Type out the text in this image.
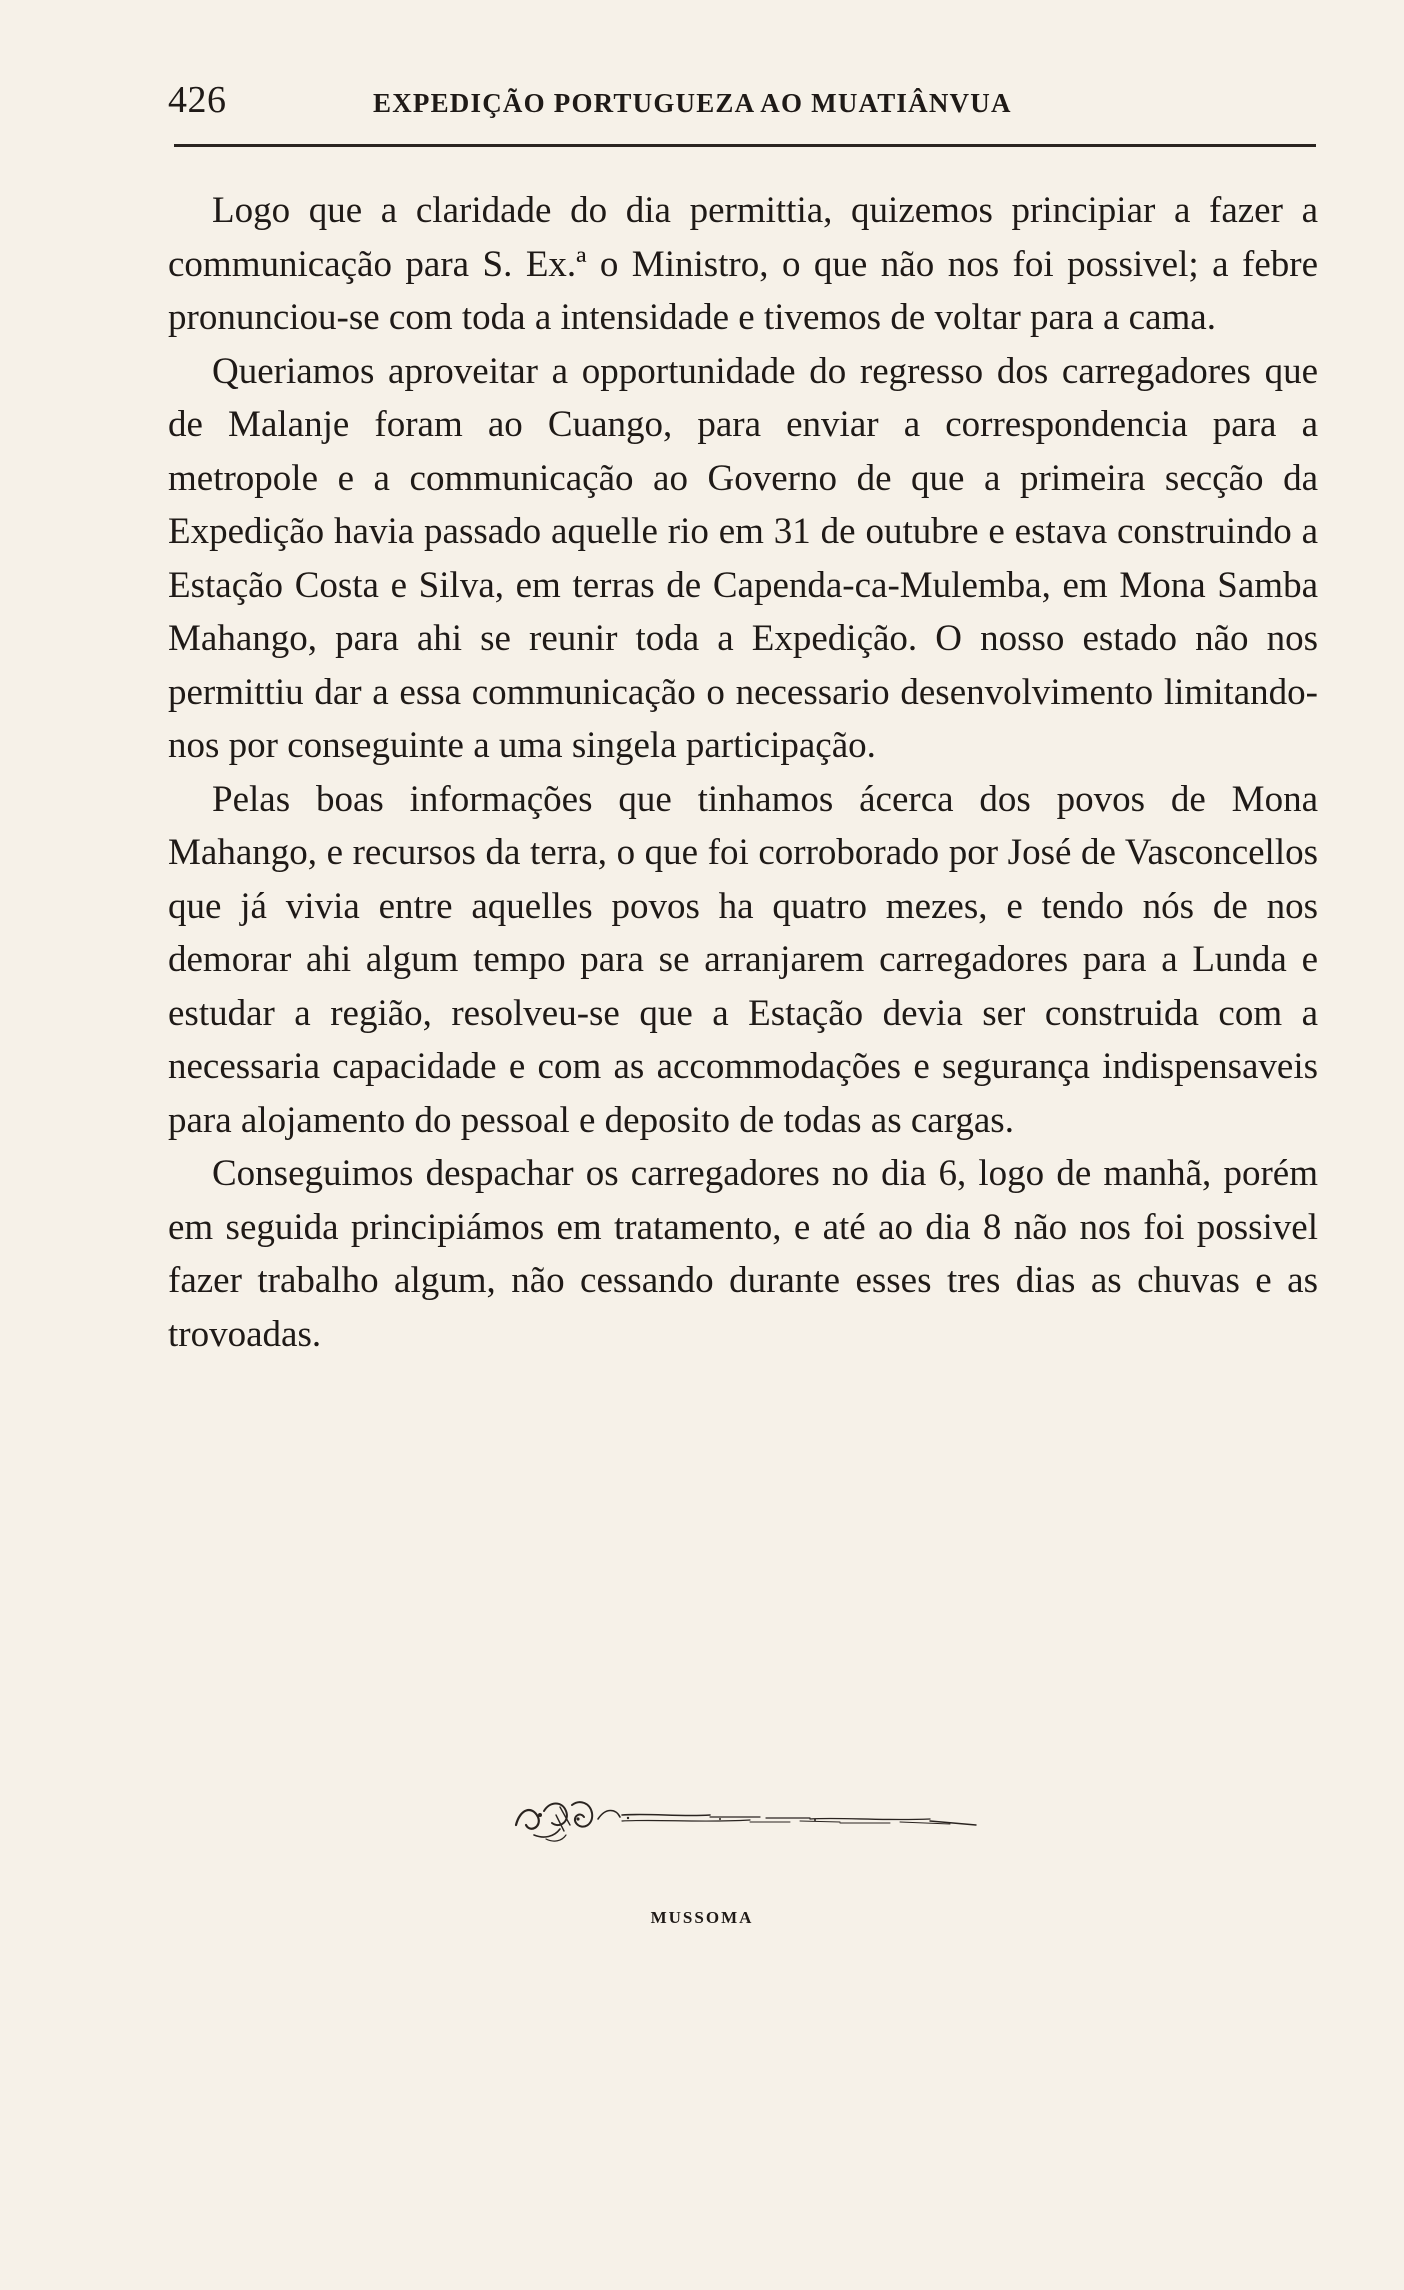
426	EXPEDIÇÃO PORTUGUEZA AO MUATIÂNVUA

Logo que a claridade do dia permittia, quizemos principiar a fazer a communicação para S. Ex.ª o Ministro, o que não nos foi possivel; a febre pronunciou-se com toda a intensidade e tivemos de voltar para a cama.

Queriamos aproveitar a opportunidade do regresso dos carregadores que de Malanje foram ao Cuango, para enviar a correspondencia para a metropole e a communicação ao Governo de que a primeira secção da Expedição havia passado aquelle rio em 31 de outubre e estava construindo a Estação Costa e Silva, em terras de Capenda-ca-Mulemba, em Mona Samba Mahango, para ahi se reunir toda a Expedição. O nosso estado não nos permittiu dar a essa communicação o necessario desenvolvimento limitando-nos por conseguinte a uma singela participação.

Pelas boas informações que tinhamos ácerca dos povos de Mona Mahango, e recursos da terra, o que foi corroborado por José de Vasconcellos que já vivia entre aquelles povos ha quatro mezes, e tendo nós de nos demorar ahi algum tempo para se arranjarem carregadores para a Lunda e estudar a região, resolveu-se que a Estação devia ser construida com a necessaria capacidade e com as accommodações e segurança indispensaveis para alojamento do pessoal e deposito de todas as cargas.

Conseguimos despachar os carregadores no dia 6, logo de manhã, porém em seguida principiámos em tratamento, e até ao dia 8 não nos foi possivel fazer trabalho algum, não cessando durante esses tres dias as chuvas e as trovoadas.

MUSSOMA
